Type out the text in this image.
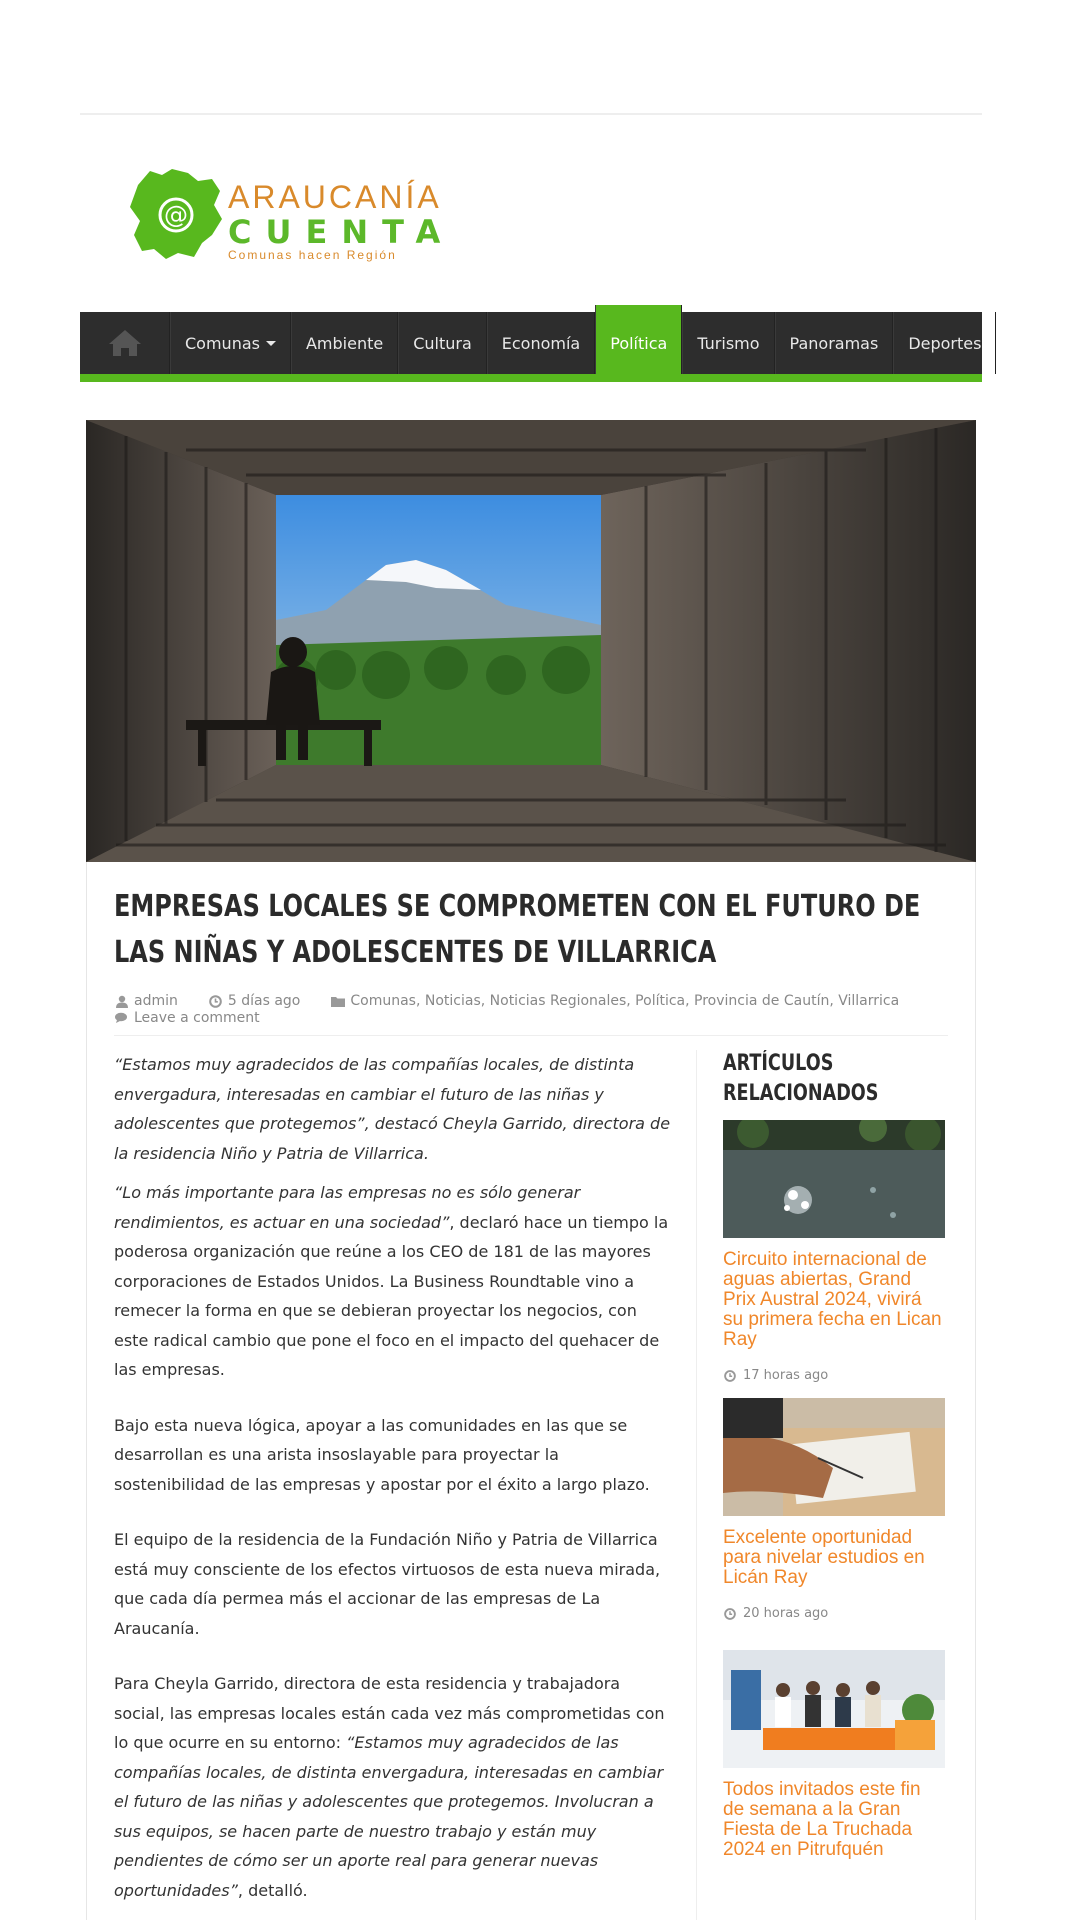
@ ARAUCANÍA
CUENTA
Comunas hacen Región
Comunas	Ambiente	Cultura	Economía	Política	Turismo	Panoramas	Deportes
EMPRESAS LOCALES SE COMPROMETEN CON EL FUTURO DE LAS NIÑAS Y ADOLESCENTES DE VILLARRICA
admin	5 días ago	Comunas, Noticias, Noticias Regionales, Política, Provincia de Cautín, Villarrica
Leave a comment

“Estamos muy agradecidos de las compañías locales, de distinta envergadura, interesadas en cambiar el futuro de las niñas y adolescentes que protegemos”, destacó Cheyla Garrido, directora de la residencia Niño y Patria de Villarrica.

“Lo más importante para las empresas no es sólo generar rendimientos, es actuar en una sociedad”, declaró hace un tiempo la poderosa organización que reúne a los CEO de 181 de las mayores corporaciones de Estados Unidos. La Business Roundtable vino a remecer la forma en que se debieran proyectar los negocios, con este radical cambio que pone el foco en el impacto del quehacer de las empresas.

Bajo esta nueva lógica, apoyar a las comunidades en las que se desarrollan es una arista insoslayable para proyectar la sostenibilidad de las empresas y apostar por el éxito a largo plazo.

El equipo de la residencia de la Fundación Niño y Patria de Villarrica está muy consciente de los efectos virtuosos de esta nueva mirada, que cada día permea más el accionar de las empresas de La Araucanía.

Para Cheyla Garrido, directora de esta residencia y trabajadora social, las empresas locales están cada vez más comprometidas con lo que ocurre en su entorno: “Estamos muy agradecidos de las compañías locales, de distinta envergadura, interesadas en cambiar el futuro de las niñas y adolescentes que protegemos. Involucran a sus equipos, se hacen parte de nuestro trabajo y están muy pendientes de cómo ser un aporte real para generar nuevas oportunidades”, detalló.

ARTÍCULOS RELACIONADOS
Circuito internacional de aguas abiertas, Grand Prix Austral 2024, vivirá su primera fecha en Lican Ray
17 horas ago
Excelente oportunidad para nivelar estudios en Licán Ray
20 horas ago
Todos invitados este fin de semana a la Gran Fiesta de La Truchada 2024 en Pitrufquén
